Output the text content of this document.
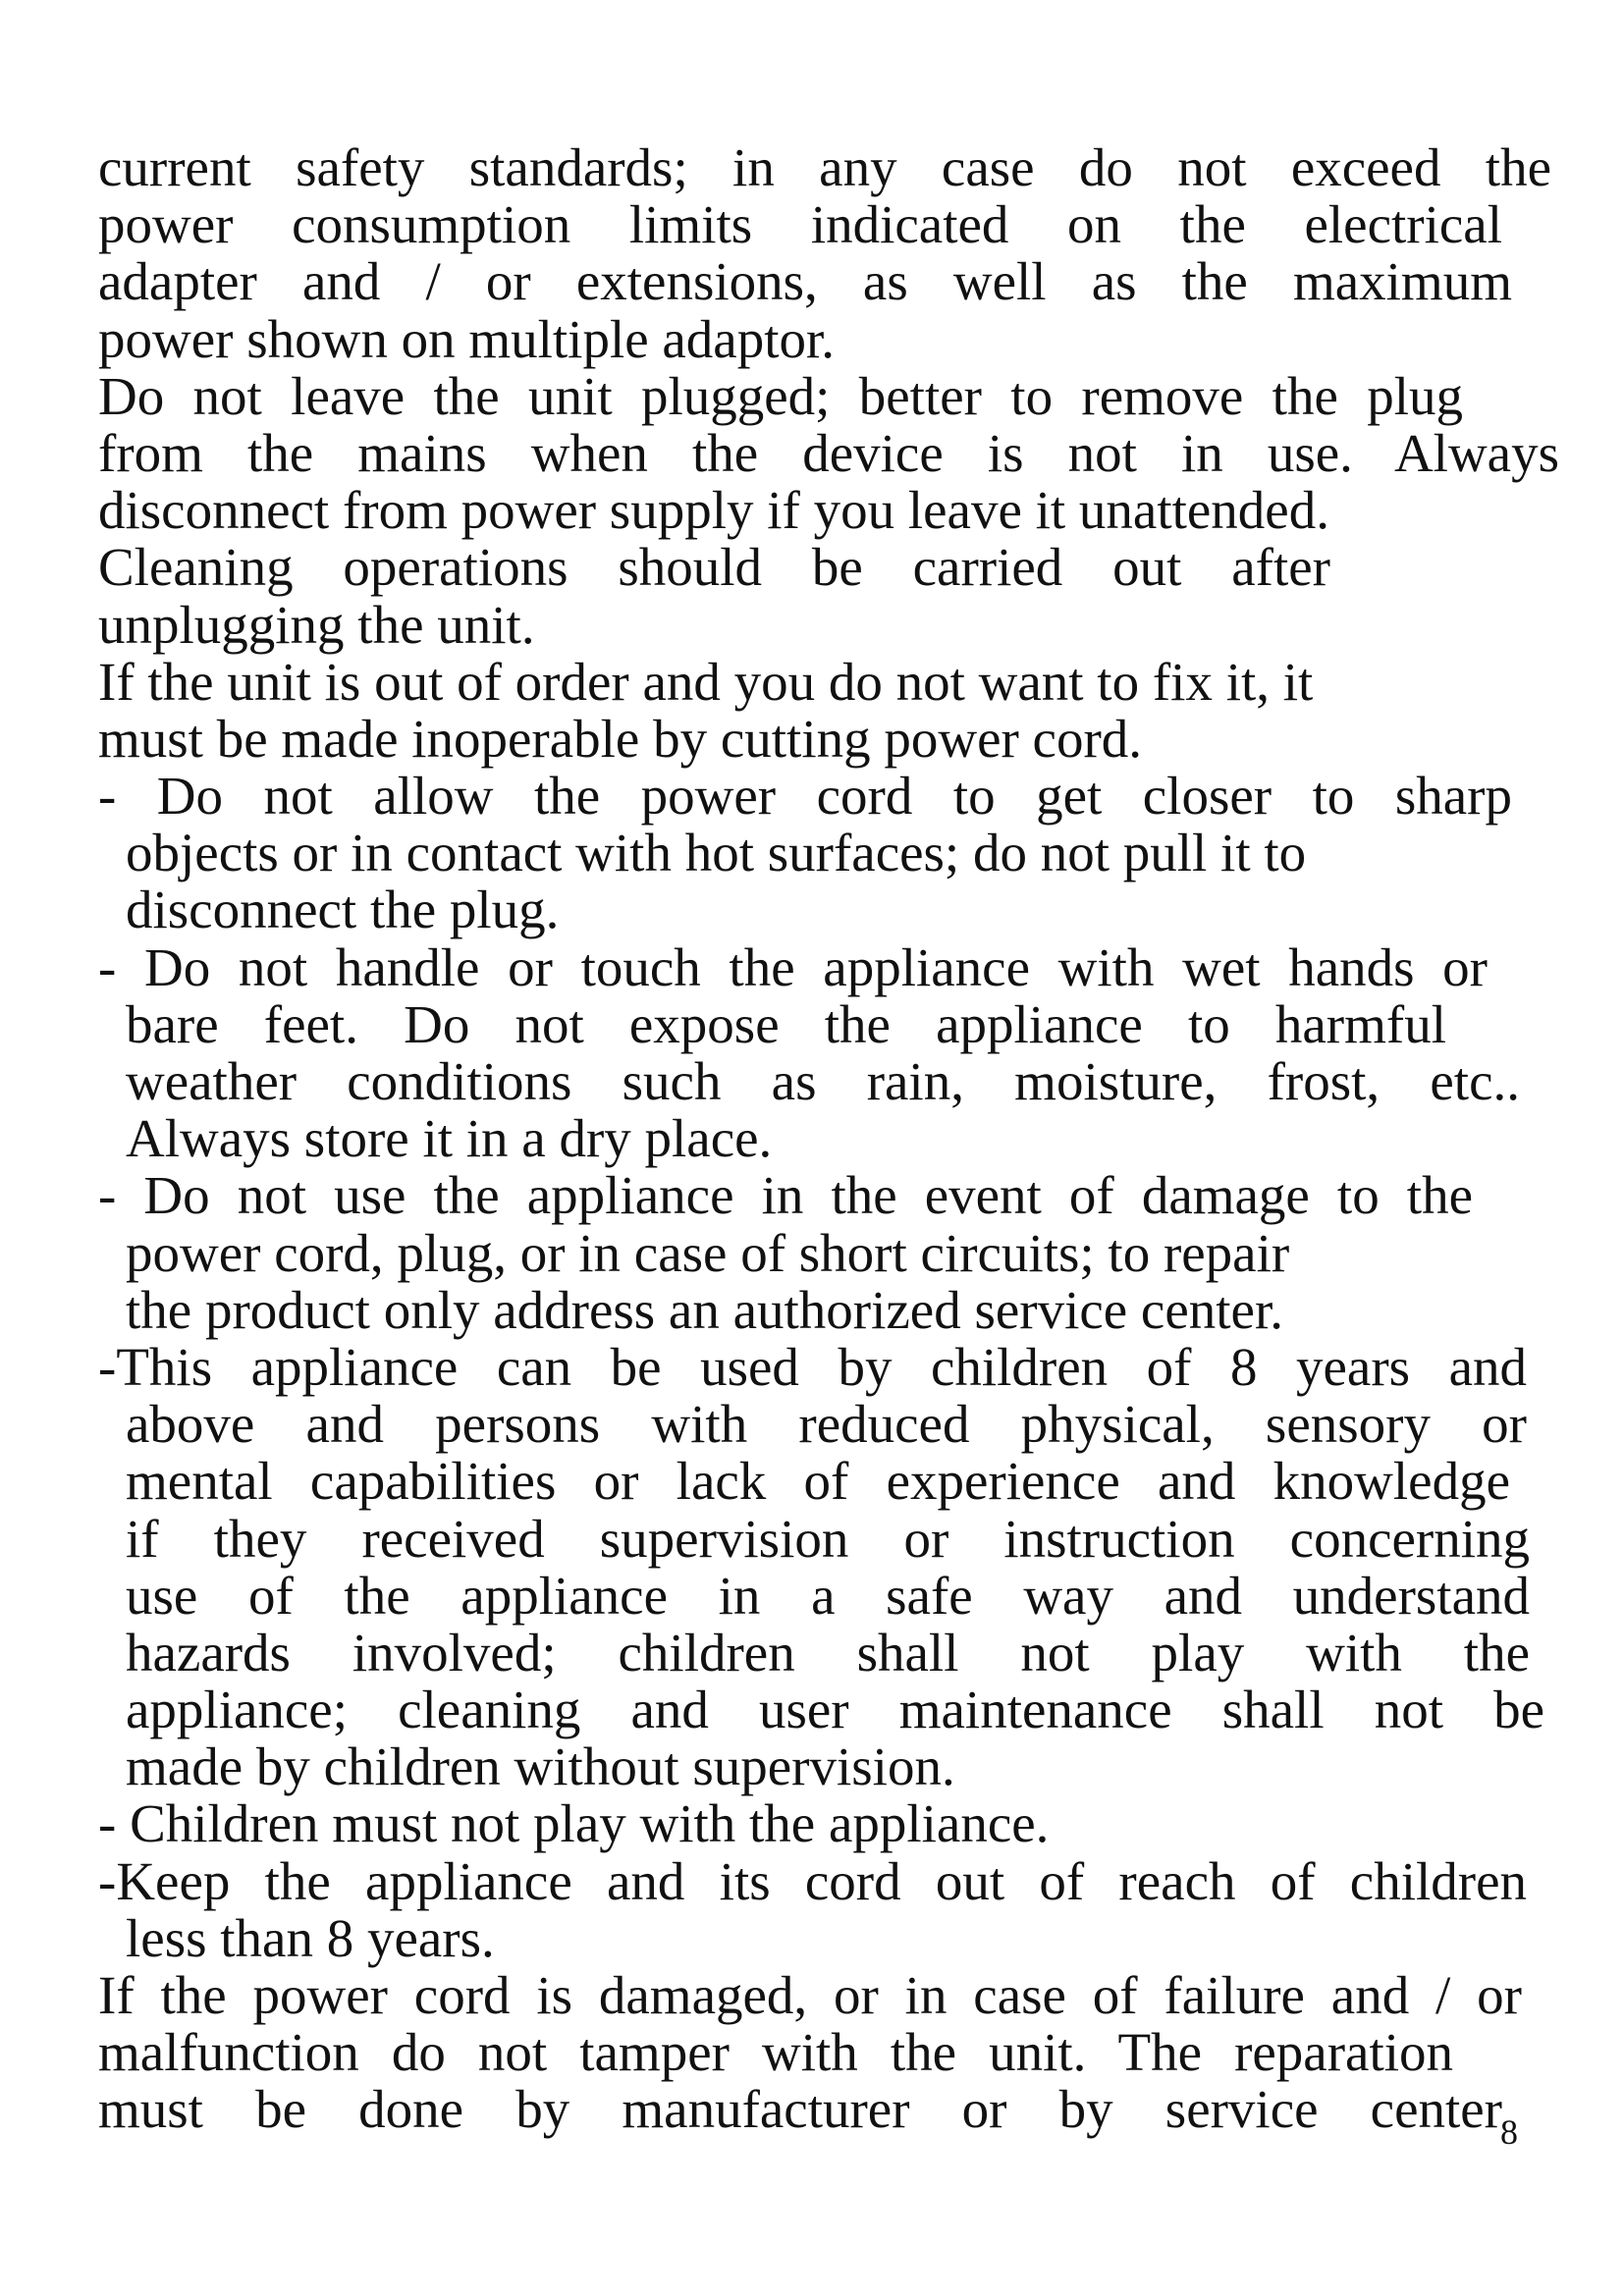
current safety standards; in any case do not exceed the
power consumption limits indicated on the electrical
adapter and / or extensions, as well as the maximum
power shown on multiple adaptor.
Do not leave the unit plugged; better to remove the plug
from the mains when the device is not in use. Always
disconnect from power supply if you leave it unattended.
Cleaning operations should be carried out after
unplugging the unit.
If the unit is out of order and you do not want to fix it, it
must be made inoperable by cutting power cord.
- Do not allow the power cord to get closer to sharp
objects or in contact with hot surfaces; do not pull it to
disconnect the plug.
- Do not handle or touch the appliance with wet hands or
bare feet. Do not expose the appliance to harmful
weather conditions such as rain, moisture, frost, etc..
Always store it in a dry place.
- Do not use the appliance in the event of damage to the
power cord, plug, or in case of short circuits; to repair
the product only address an authorized service center.
-This appliance can be used by children of 8 years and
above and persons with reduced physical, sensory or
mental capabilities or lack of experience and knowledge
if they received supervision or instruction concerning
use of the appliance in a safe way and understand
hazards involved; children shall not play with the
appliance; cleaning and user maintenance shall not be
made by children without supervision.
- Children must not play with the appliance.
-Keep the appliance and its cord out of reach of children
less than 8 years.
If the power cord is damaged, or in case of failure and / or
malfunction do not tamper with the unit. The reparation
must be done by manufacturer or by service center
8
